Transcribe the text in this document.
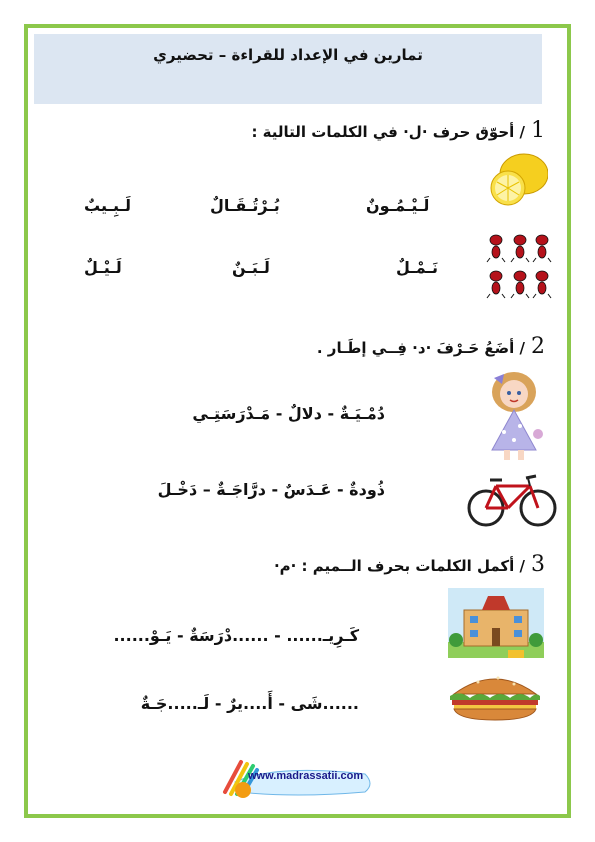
تمارين في الإعداد للقراءة – تحضيري
1/ أحوّق حرف ·ل· في الكلمات التالية :
لَـيْـمُـونٌ
بُـرْتُـقَـالٌ
لَـبِـيبٌ
نَـمْـلٌ
لَـبَـنٌ
لَـيْـلٌ
2/ أضَعُ حَـرْفَ ·د· فِــي إطَـار .
دُمْـيَـةٌ - دلالٌ - مَـدْرَسَتِـي
ذُودةٌ - عَـدَسٌ - درَّاجَـةٌ – دَخْـلَ
3/ أكمل الكلمات بحرف الــميم : ·م·
كَـرِيـ...... - ......دْرَسَةٌ - يَـوْ......
......شَى - أَ....يرٌ - لَـ.....جَـةٌ
www.madrassatii.com
